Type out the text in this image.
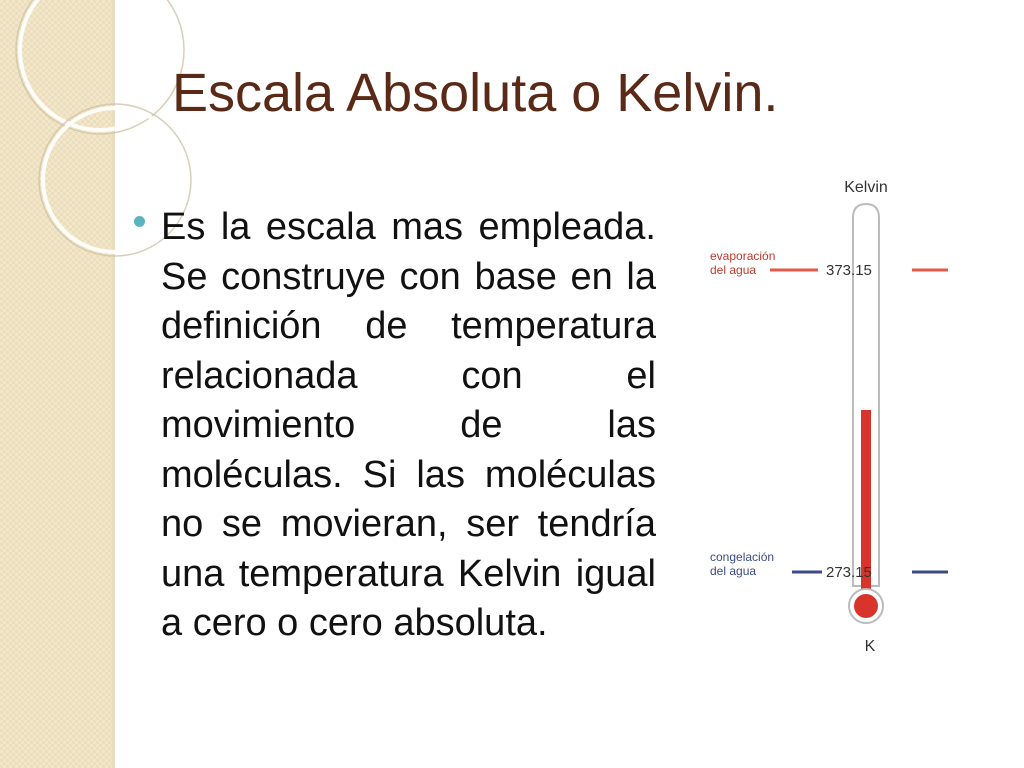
Escala Absoluta o Kelvin.

Es la escala mas empleada. Se construye con base en la definición de temperatura relacionada con el movimiento de las moléculas. Si las moléculas no se movieran, ser tendría una temperatura Kelvin igual a cero o cero absoluta.

Kelvin
K
evaporación
del agua	373.15
congelación
del agua	273.15
